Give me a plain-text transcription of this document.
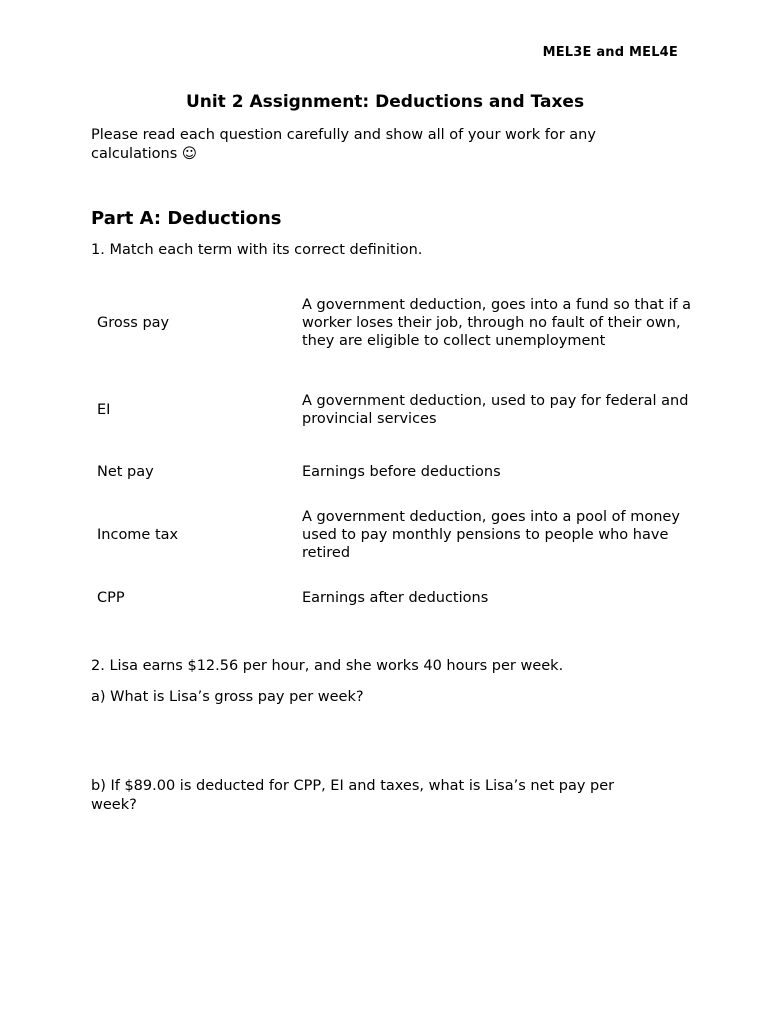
MEL3E and MEL4E
Unit 2 Assignment: Deductions and Taxes
Please read each question carefully and show all of your work for any calculations ☺
Part A: Deductions
1. Match each term with its correct definition.
Gross pay
A government deduction, goes into a fund so that if a worker loses their job, through no fault of their own, they are eligible to collect unemployment
EI
A government deduction, used to pay for federal and provincial services
Net pay	Earnings before deductions
Income tax
A government deduction, goes into a pool of money used to pay monthly pensions to people who have retired
CPP	Earnings after deductions
2. Lisa earns $12.56 per hour, and she works 40 hours per week.
a) What is Lisa’s gross pay per week?
b) If $89.00 is deducted for CPP, EI and taxes, what is Lisa’s net pay per week?
